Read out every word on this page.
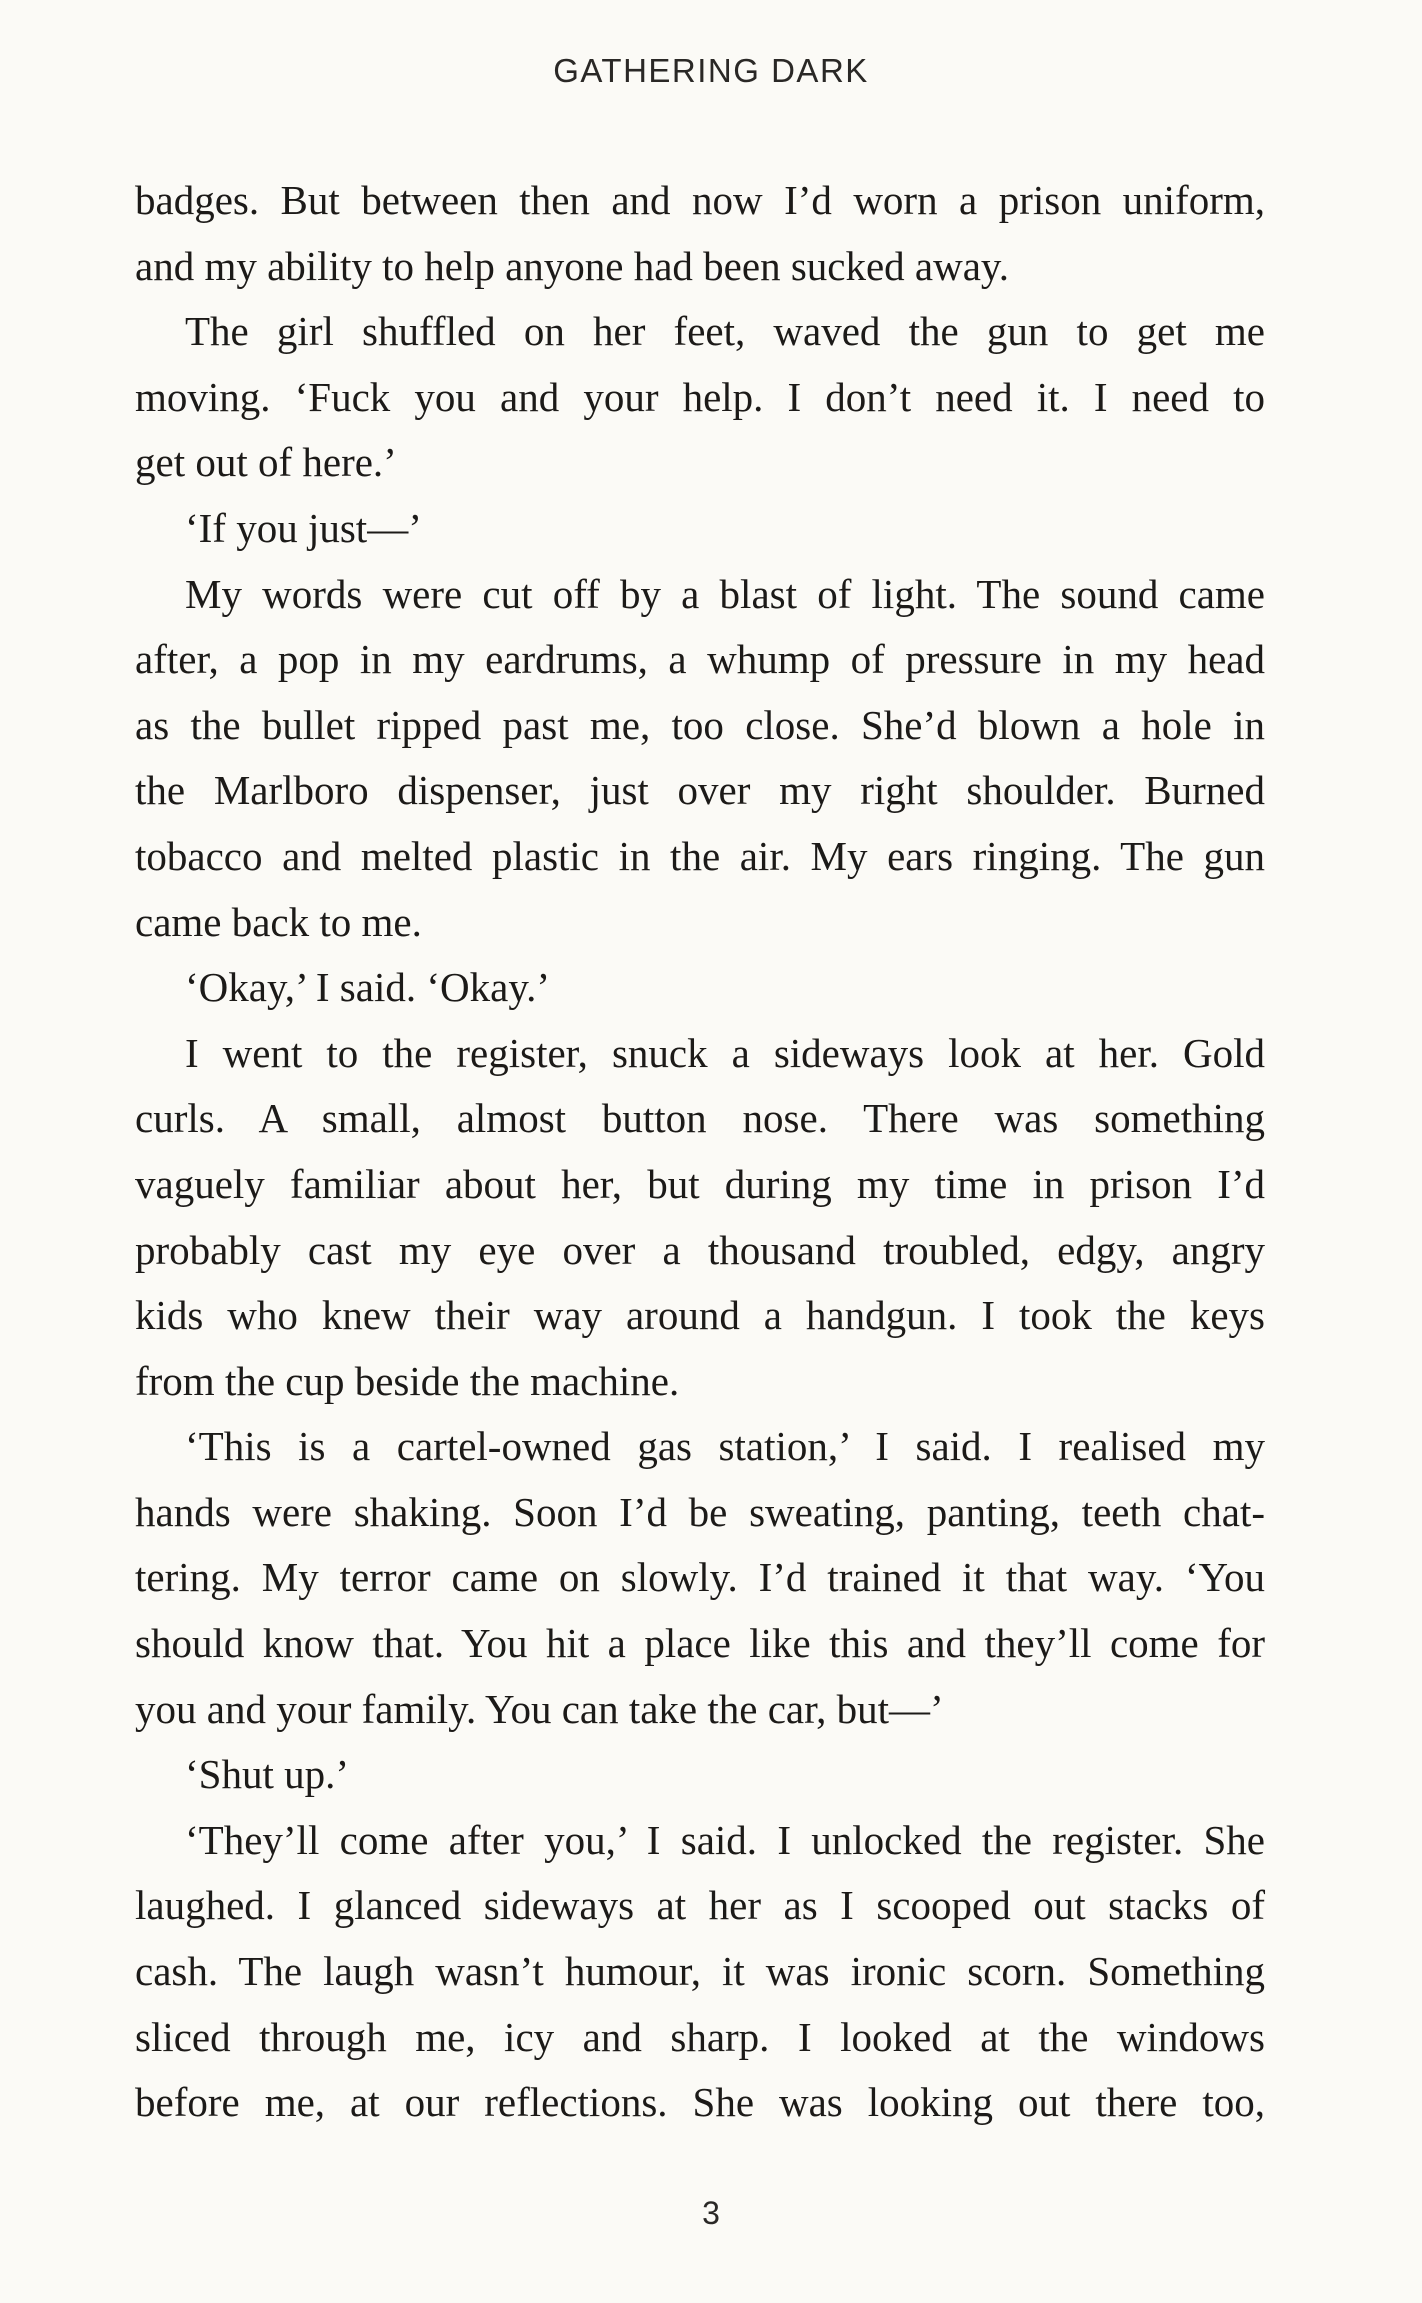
GATHERING DARK
badges. But between then and now I’d worn a prison uniform,
and my ability to help anyone had been sucked away.
The girl shuffled on her feet, waved the gun to get me
moving. ‘Fuck you and your help. I don’t need it. I need to
get out of here.’
‘If you just—’
My words were cut off by a blast of light. The sound came
after, a pop in my eardrums, a whump of pressure in my head
as the bullet ripped past me, too close. She’d blown a hole in
the Marlboro dispenser, just over my right shoulder. Burned
tobacco and melted plastic in the air. My ears ringing. The gun
came back to me.
‘Okay,’ I said. ‘Okay.’
I went to the register, snuck a sideways look at her. Gold
curls. A small, almost button nose. There was something
vaguely familiar about her, but during my time in prison I’d
probably cast my eye over a thousand troubled, edgy, angry
kids who knew their way around a handgun. I took the keys
from the cup beside the machine.
‘This is a cartel-owned gas station,’ I said. I realised my
hands were shaking. Soon I’d be sweating, panting, teeth chat-
tering. My terror came on slowly. I’d trained it that way. ‘You
should know that. You hit a place like this and they’ll come for
you and your family. You can take the car, but—’
‘Shut up.’
‘They’ll come after you,’ I said. I unlocked the register. She
laughed. I glanced sideways at her as I scooped out stacks of
cash. The laugh wasn’t humour, it was ironic scorn. Something
sliced through me, icy and sharp. I looked at the windows
before me, at our reflections. She was looking out there too,
3
